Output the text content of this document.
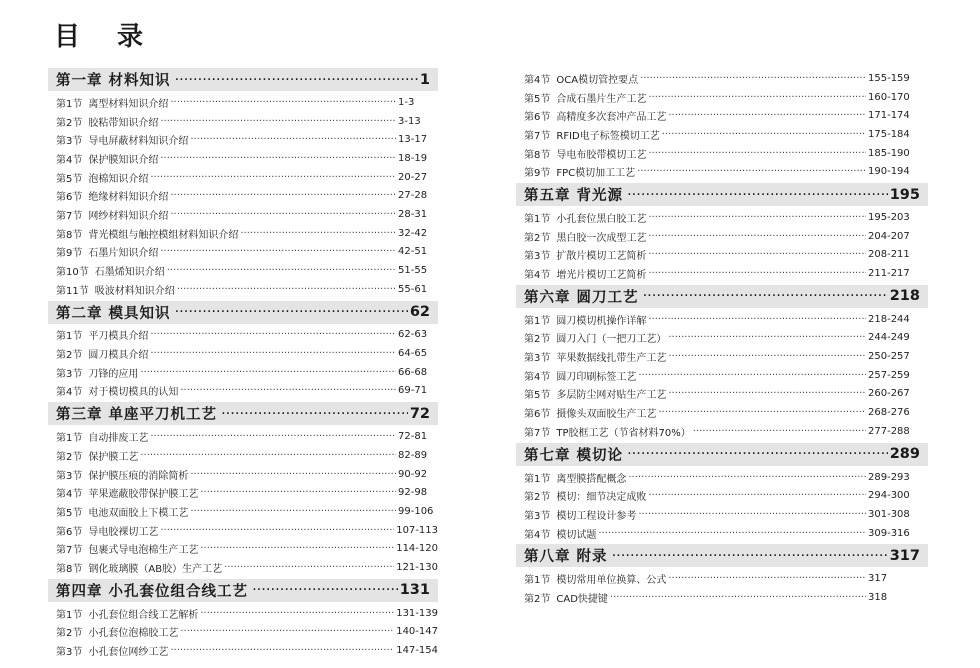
目 录
第一章 材料知识 ·····	1
第1节 离型材料知识介绍 ·····	1-3
第2节 胶粘带知识介绍 ·····	3-13
第3节 导电屏蔽材料知识介绍 ·····	13-17
第4节 保护膜知识介绍 ·····	18-19
第5节 泡棉知识介绍 ·····	20-27
第6节 绝缘材料知识介绍 ·····	27-28
第7节 网纱材料知识介绍 ·····	28-31
第8节 背光模组与触控模组材料知识介绍 ·····	32-42
第9节 石墨片知识介绍 ·····	42-51
第10节 石墨烯知识介绍 ·····	51-55
第11节 吸波材料知识介绍 ·····	55-61
第二章 模具知识 ·····	62
第1节 平刀模具介绍 ·····	62-63
第2节 圆刀模具介绍 ·····	64-65
第3节 刀锋的应用 ·····	66-68
第4节 对于模切模具的认知 ·····	69-71
第三章 单座平刀机工艺 ·····	72
第1节 自动排废工艺 ·····	72-81
第2节 保护膜工艺 ·····	82-89
第3节 保护膜压痕的消除简析 ·····	90-92
第4节 苹果遮蔽胶带保护膜工艺 ·····	92-98
第5节 电池双面胶上下模工艺 ·····	99-106
第6节 导电胶裸切工艺 ·····	107-113
第7节 包裹式导电泡棉生产工艺 ·····	114-120
第8节 钢化玻璃膜（AB胶）生产工艺 ·····	121-130
第四章 小孔套位组合线工艺 ·····	131
第1节 小孔套位组合线工艺解析 ·····	131-139
第2节 小孔套位泡棉胶工艺 ·····	140-147
第3节 小孔套位网纱工艺 ·····	147-154
第4节 OCA模切管控要点 ·····	155-159
第5节 合成石墨片生产工艺 ·····	160-170
第6节 高精度多次套冲产品工艺 ·····	171-174
第7节 RFID电子标签模切工艺 ·····	175-184
第8节 导电布胶带模切工艺 ·····	185-190
第9节 FPC模切加工工艺 ·····	190-194
第五章 背光源 ·····	195
第1节 小孔套位黑白胶工艺 ·····	195-203
第2节 黑白胶一次成型工艺 ·····	204-207
第3节 扩散片模切工艺简析 ·····	208-211
第4节 增光片模切工艺简析 ·····	211-217
第六章 圆刀工艺 ·····	218
第1节 圆刀模切机操作详解 ·····	218-244
第2节 圆刀入门（一把刀工艺） ·····	244-249
第3节 苹果数据线扎带生产工艺 ·····	250-257
第4节 圆刀印刷标签工艺 ·····	257-259
第5节 多层防尘网对贴生产工艺 ·····	260-267
第6节 摄像头双面胶生产工艺 ·····	268-276
第7节 TP胶框工艺（节省材料70%） ·····	277-288
第七章 模切论 ·····	289
第1节 离型膜搭配概念 ·····	289-293
第2节 模切：细节决定成败 ·····	294-300
第3节 模切工程设计参考 ·····	301-308
第4节 模切试题 ·····	309-316
第八章 附录 ·····	317
第1节 模切常用单位换算、公式 ·····	317
第2节 CAD快捷键 ·····	318
